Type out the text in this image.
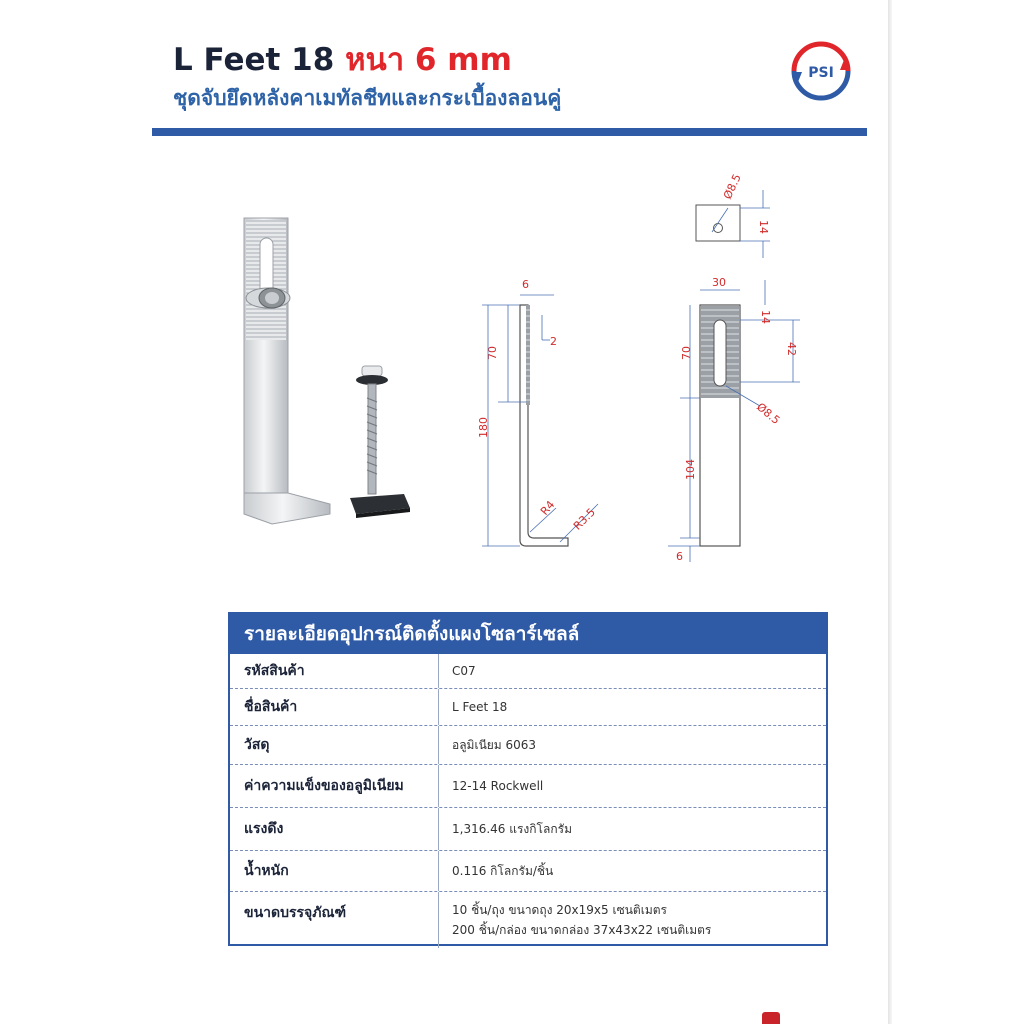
L Feet 18 หนา 6 mm
ชุดจับยึดหลังคาเมทัลชีทและกระเบื้องลอนคู่
PSI
Ø8.5
14
6
2
70
180
R4 R3.5
30
14
42
70
Ø8.5
104
6
รายละเอียดอุปกรณ์ติดตั้งแผงโซลาร์เซลล์
รหัสสินค้า	C07
ชื่อสินค้า	L Feet 18
วัสดุ	อลูมิเนียม 6063
ค่าความแข็งของอลูมิเนียม	12-14 Rockwell
แรงดึง	1,316.46 แรงกิโลกรัม
น้ำหนัก	0.116 กิโลกรัม/ชิ้น
ขนาดบรรจุภัณฑ์	10 ชิ้น/ถุง ขนาดถุง 20x19x5 เซนติเมตร
200 ชิ้น/กล่อง ขนาดกล่อง 37x43x22 เซนติเมตร
